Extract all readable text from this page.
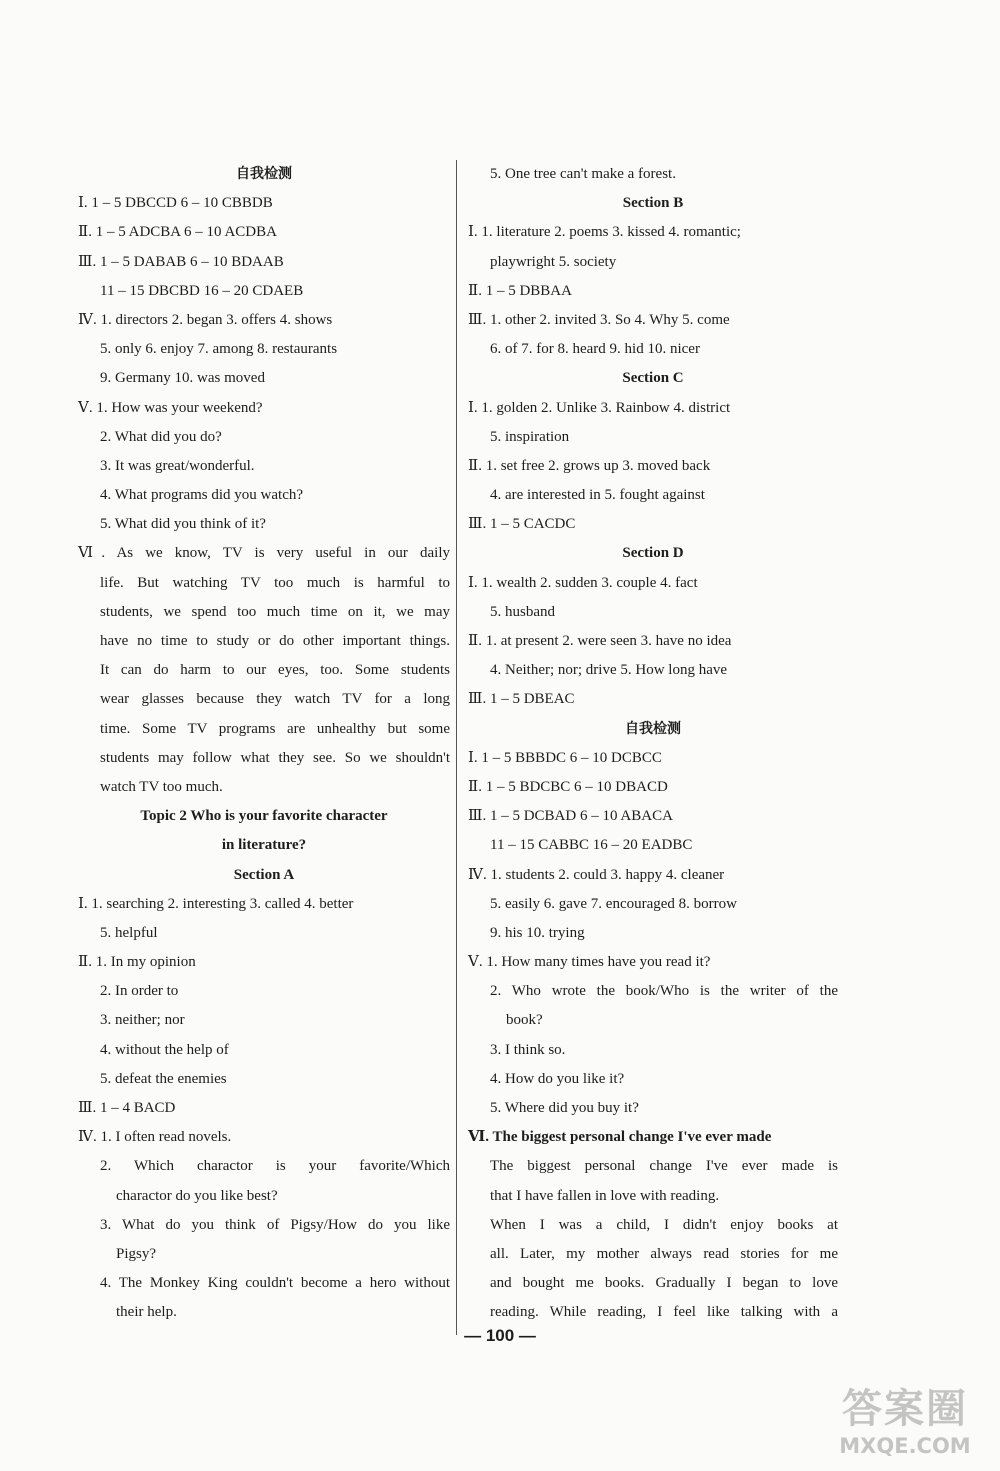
自我检测
Ⅰ. 1 – 5 DBCCD 6 – 10 CBBDB
Ⅱ. 1 – 5 ADCBA 6 – 10 ACDBA
Ⅲ. 1 – 5 DABAB 6 – 10 BDAAB
11 – 15 DBCBD 16 – 20 CDAEB
Ⅳ. 1. directors 2. began 3. offers 4. shows
5. only 6. enjoy 7. among 8. restaurants
9. Germany 10. was moved
Ⅴ. 1. How was your weekend?
2. What did you do?
3. It was great/wonderful.
4. What programs did you watch?
5. What did you think of it?
Ⅵ. As we know, TV is very useful in our daily
life. But watching TV too much is harmful to
students, we spend too much time on it, we may
have no time to study or do other important things.
It can do harm to our eyes, too. Some students
wear glasses because they watch TV for a long
time. Some TV programs are unhealthy but some
students may follow what they see. So we shouldn't
watch TV too much.
Topic 2 Who is your favorite character
in literature?
Section A
Ⅰ. 1. searching 2. interesting 3. called 4. better
5. helpful
Ⅱ. 1. In my opinion
2. In order to
3. neither; nor
4. without the help of
5. defeat the enemies
Ⅲ. 1 – 4 BACD
Ⅳ. 1. I often read novels.
2. Which charactor is your favorite/Which
charactor do you like best?
3. What do you think of Pigsy/How do you like
Pigsy?
4. The Monkey King couldn't become a hero without
their help.
5. One tree can't make a forest.
Section B
Ⅰ. 1. literature 2. poems 3. kissed 4. romantic;
playwright 5. society
Ⅱ. 1 – 5 DBBAA
Ⅲ. 1. other 2. invited 3. So 4. Why 5. come
6. of 7. for 8. heard 9. hid 10. nicer
Section C
Ⅰ. 1. golden 2. Unlike 3. Rainbow 4. district
5. inspiration
Ⅱ. 1. set free 2. grows up 3. moved back
4. are interested in 5. fought against
Ⅲ. 1 – 5 CACDC
Section D
Ⅰ. 1. wealth 2. sudden 3. couple 4. fact
5. husband
Ⅱ. 1. at present 2. were seen 3. have no idea
4. Neither; nor; drive 5. How long have
Ⅲ. 1 – 5 DBEAC
自我检测
Ⅰ. 1 – 5 BBBDC 6 – 10 DCBCC
Ⅱ. 1 – 5 BDCBC 6 – 10 DBACD
Ⅲ. 1 – 5 DCBAD 6 – 10 ABACA
11 – 15 CABBC 16 – 20 EADBC
Ⅳ. 1. students 2. could 3. happy 4. cleaner
5. easily 6. gave 7. encouraged 8. borrow
9. his 10. trying
Ⅴ. 1. How many times have you read it?
2. Who wrote the book/Who is the writer of the
book?
3. I think so.
4. How do you like it?
5. Where did you buy it?
Ⅵ. The biggest personal change I've ever made
The biggest personal change I've ever made is
that I have fallen in love with reading.
When I was a child, I didn't enjoy books at
all. Later, my mother always read stories for me
and bought me books. Gradually I began to love
reading. While reading, I feel like talking with a
— 100 —
答案圈
MXQE.COM
